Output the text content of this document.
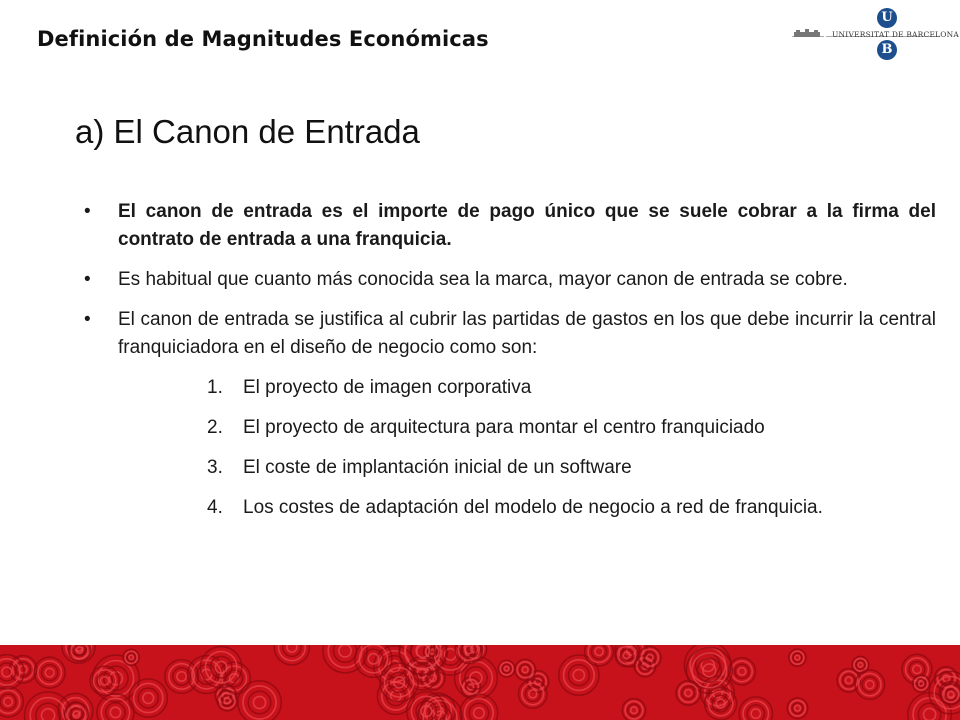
Definición de Magnitudes Económicas
U
UNIVERSITAT DE BARCELONA
B
a) El Canon de Entrada
• El canon de entrada es el importe de pago único que se suele cobrar a la firma del contrato de entrada a una franquicia.
• Es habitual que cuanto más conocida sea la marca, mayor canon de entrada se cobre.
• El canon de entrada se justifica al cubrir las partidas de gastos en los que debe incurrir la central franquiciadora en el diseño de negocio como son:
1. El proyecto de imagen corporativa
2. El proyecto de arquitectura para montar el centro franquiciado
3. El coste de implantación inicial de un software
4. Los costes de adaptación del modelo de negocio a red de franquicia.
